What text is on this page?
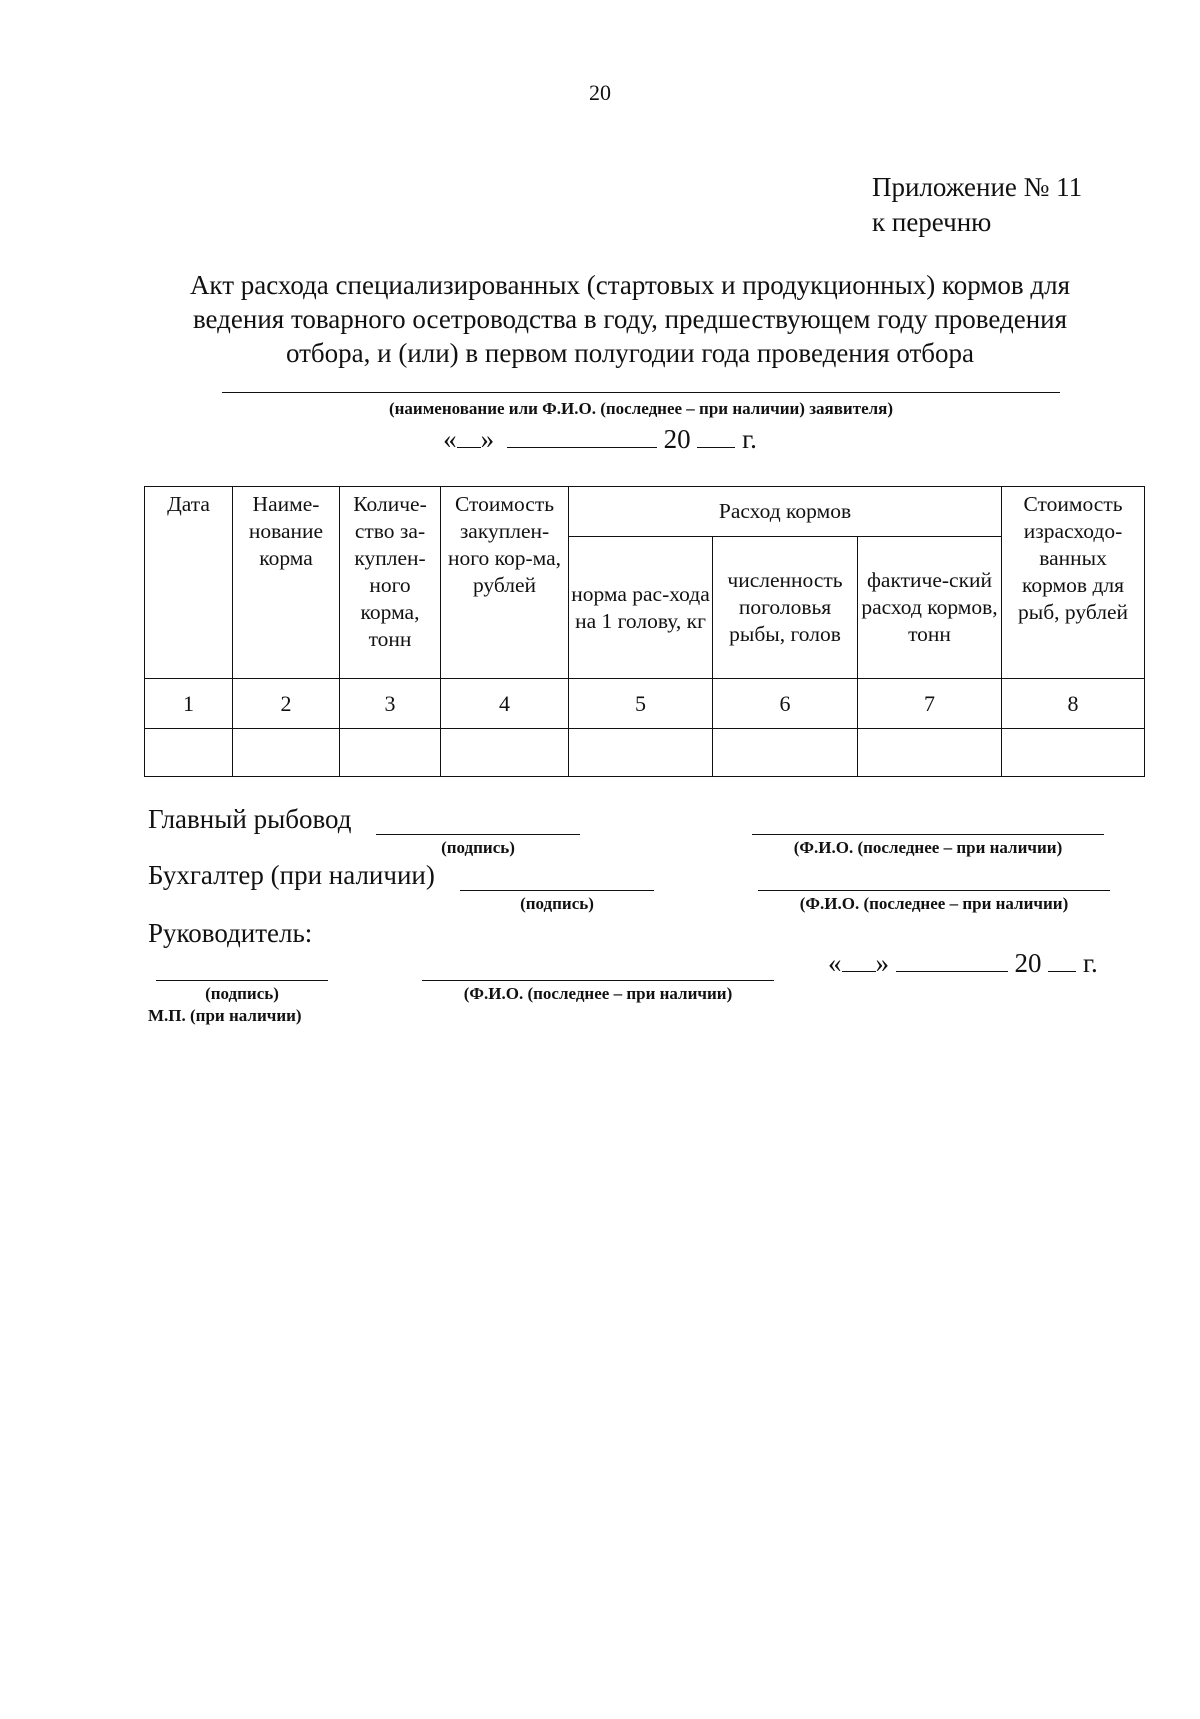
20
Приложение № 11
к перечню
Акт расхода специализированных (стартовых и продукционных) кормов для
ведения товарного осетроводства в году, предшествующем году проведения
отбора, и (или) в первом полугодии года проведения отбора
(наименование или Ф.И.О. (последнее – при наличии) заявителя)
« »	20 г.
Дата	Наиме-нование корма	Количе-ство за-куплен-ного корма, тонн	Стоимость закуплен-ного кор-ма, рублей	Расход кормов			Стоимость израсходо-ванных кормов для рыб, рублей
				норма рас-хода на 1 голову, кг	численность поголовья рыбы, голов	фактиче-ский расход кормов, тонн	
1	2	3	4	5	6	7	8

Главный рыбовод
(подпись)	(Ф.И.О. (последнее – при наличии)
Бухгалтер (при наличии)
(подпись)	(Ф.И.О. (последнее – при наличии)
Руководитель:
(подпись)
М.П. (при наличии)
(Ф.И.О. (последнее – при наличии)
« »	20 г.
